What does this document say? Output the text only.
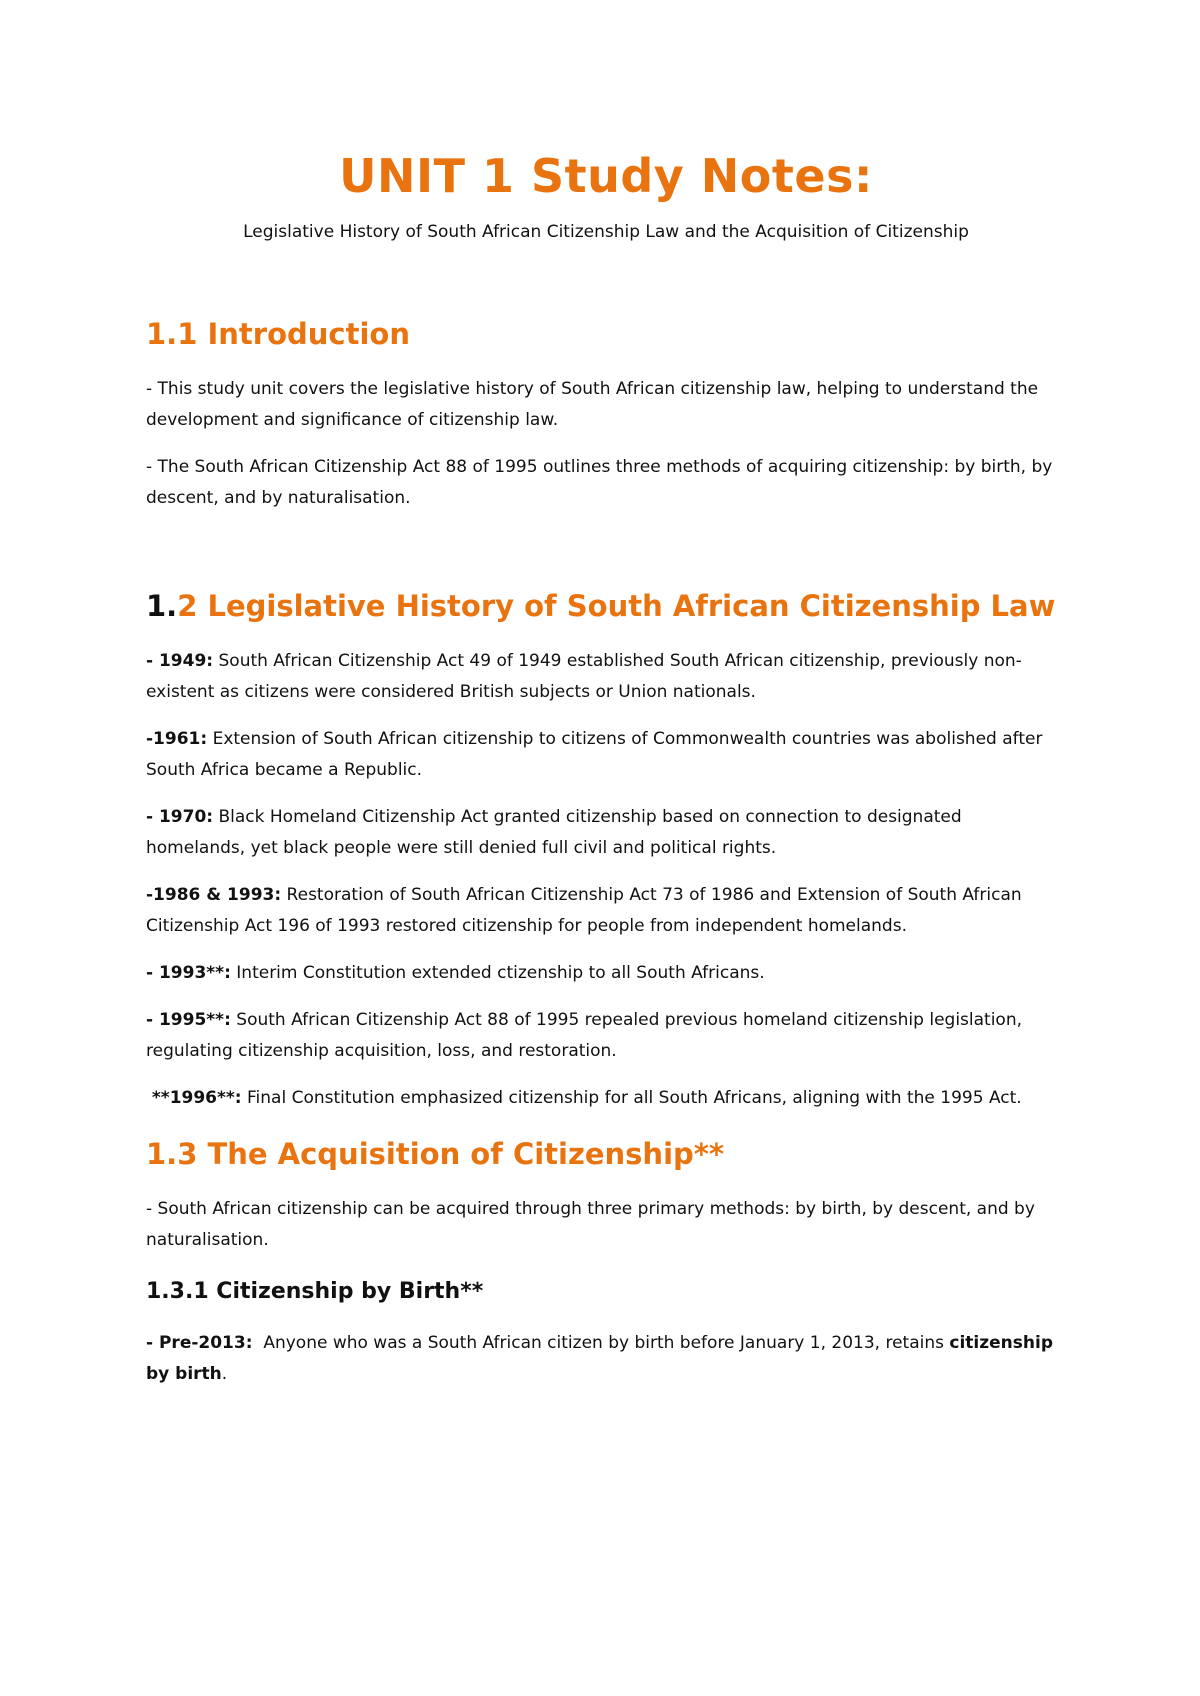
UNIT 1 Study Notes:

Legislative History of South African Citizenship Law and the Acquisition of Citizenship

1.1 Introduction

- This study unit covers the legislative history of South African citizenship law, helping to understand the development and significance of citizenship law.

- The South African Citizenship Act 88 of 1995 outlines three methods of acquiring citizenship: by birth, by descent, and by naturalisation.

1.2 Legislative History of South African Citizenship Law

- 1949: South African Citizenship Act 49 of 1949 established South African citizenship, previously non-existent as citizens were considered British subjects or Union nationals.

-1961: Extension of South African citizenship to citizens of Commonwealth countries was abolished after South Africa became a Republic.

- 1970: Black Homeland Citizenship Act granted citizenship based on connection to designated homelands, yet black people were still denied full civil and political rights.

-1986 & 1993: Restoration of South African Citizenship Act 73 of 1986 and Extension of South African Citizenship Act 196 of 1993 restored citizenship for people from independent homelands.

- 1993**: Interim Constitution extended ctizenship to all South Africans.

- 1995**: South African Citizenship Act 88 of 1995 repealed previous homeland citizenship legislation, regulating citizenship acquisition, loss, and restoration.

**1996**: Final Constitution emphasized citizenship for all South Africans, aligning with the 1995 Act.

1.3 The Acquisition of Citizenship**

- South African citizenship can be acquired through three primary methods: by birth, by descent, and by naturalisation.

1.3.1 Citizenship by Birth**

- Pre-2013:  Anyone who was a South African citizen by birth before January 1, 2013, retains citizenship by birth.
